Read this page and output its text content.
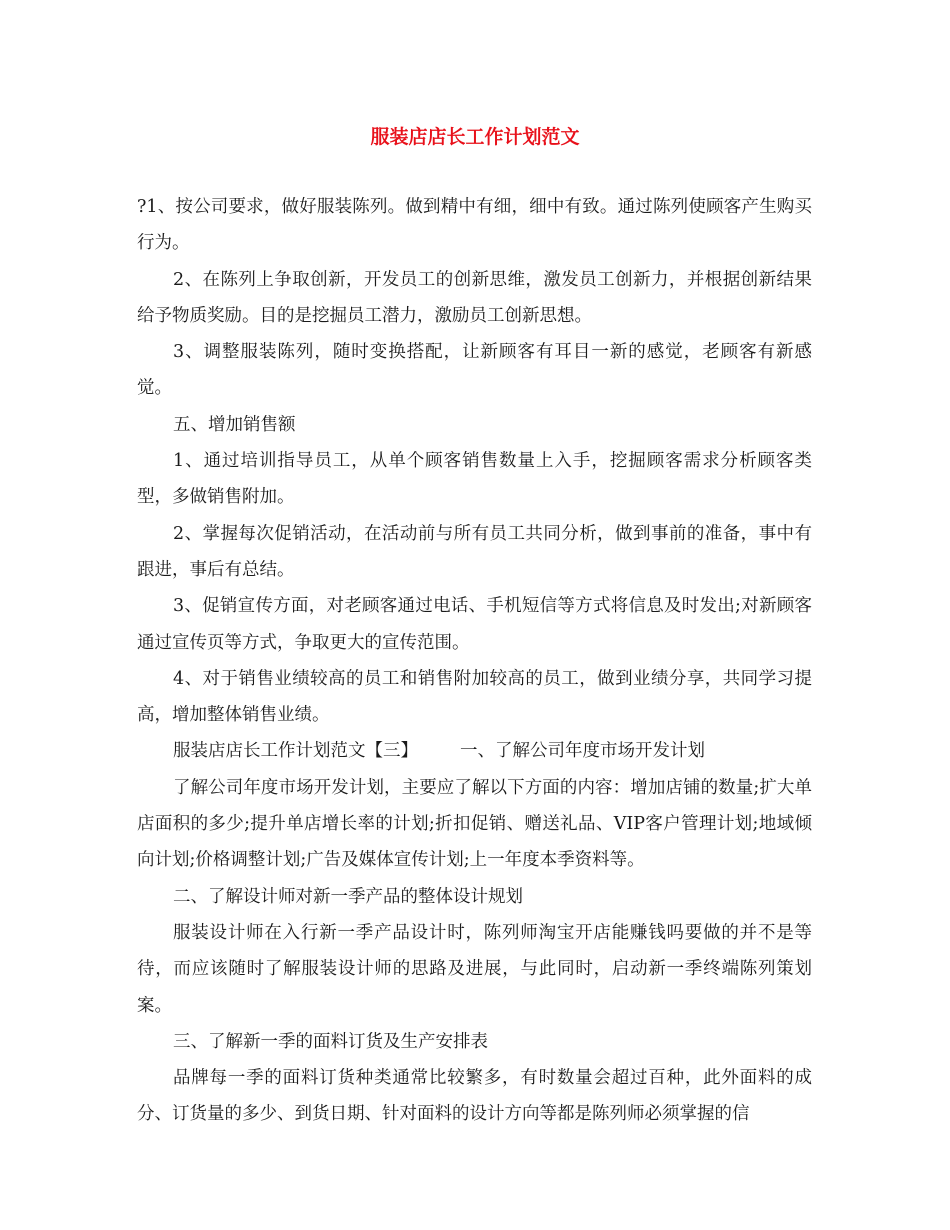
服装店店长工作计划范文

?1、按公司要求，做好服装陈列。做到精中有细，细中有致。通过陈列使顾客产生购买行为。

2、在陈列上争取创新，开发员工的创新思维，激发员工创新力，并根据创新结果给予物质奖励。目的是挖掘员工潜力，激励员工创新思想。

3、调整服装陈列，随时变换搭配，让新顾客有耳目一新的感觉，老顾客有新感觉。

五、增加销售额

1、通过培训指导员工，从单个顾客销售数量上入手，挖掘顾客需求分析顾客类型，多做销售附加。

2、掌握每次促销活动，在活动前与所有员工共同分析，做到事前的准备，事中有跟进，事后有总结。

3、促销宣传方面，对老顾客通过电话、手机短信等方式将信息及时发出;对新顾客通过宣传页等方式，争取更大的宣传范围。

4、对于销售业绩较高的员工和销售附加较高的员工，做到业绩分享，共同学习提高，增加整体销售业绩。

服装店店长工作计划范文【三】 一、了解公司年度市场开发计划

了解公司年度市场开发计划，主要应了解以下方面的内容：增加店铺的数量;扩大单店面积的多少;提升单店增长率的计划;折扣促销、赠送礼品、VIP客户管理计划;地域倾向计划;价格调整计划;广告及媒体宣传计划;上一年度本季资料等。

二、了解设计师对新一季产品的整体设计规划

服装设计师在入行新一季产品设计时，陈列师淘宝开店能赚钱吗要做的并不是等待，而应该随时了解服装设计师的思路及进展，与此同时，启动新一季终端陈列策划案。

三、了解新一季的面料订货及生产安排表

品牌每一季的面料订货种类通常比较繁多，有时数量会超过百种，此外面料的成分、订货量的多少、到货日期、针对面料的设计方向等都是陈列师必须掌握的信
